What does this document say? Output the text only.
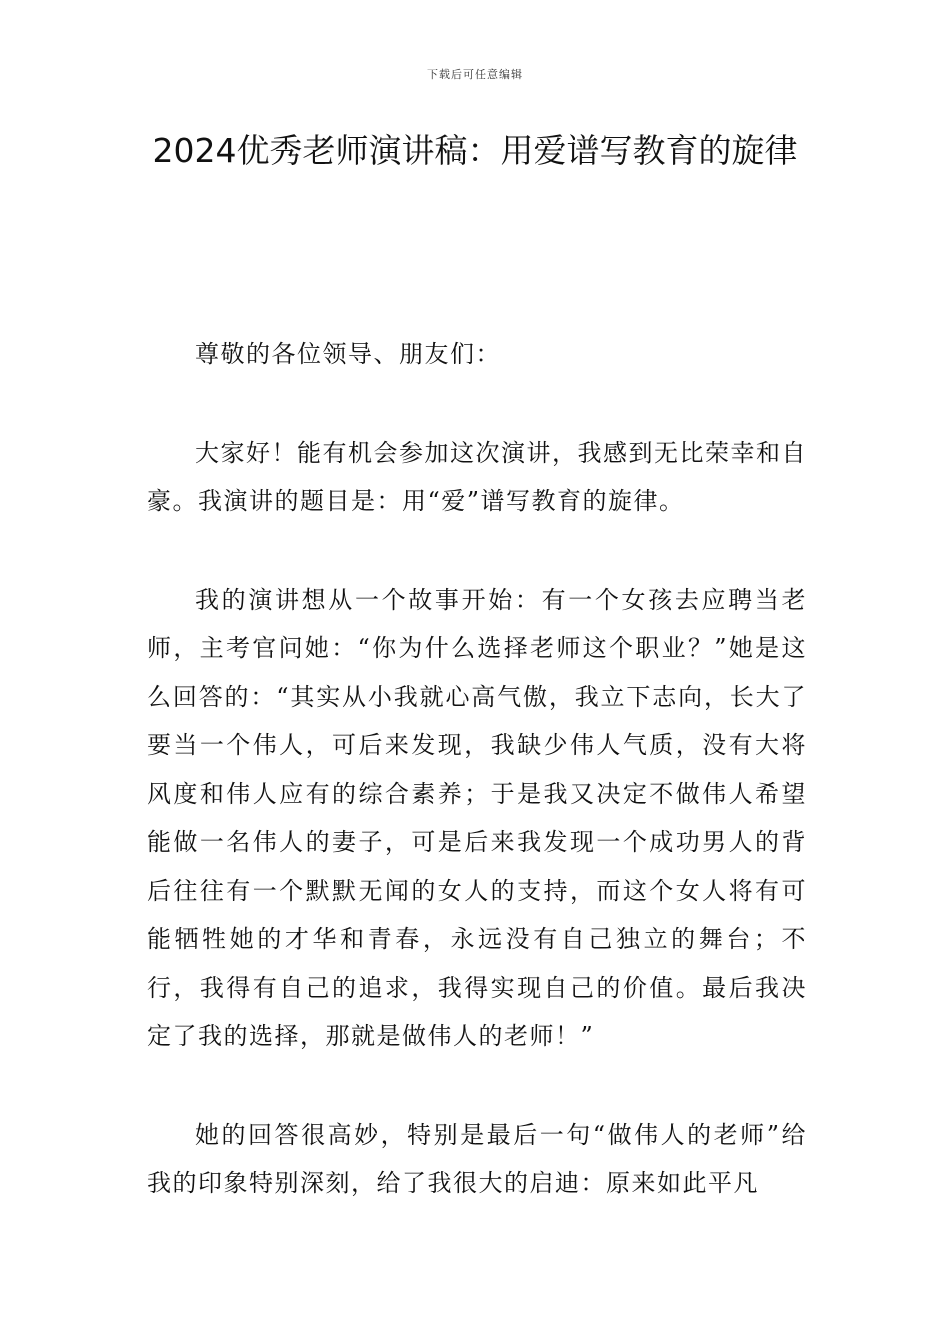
下载后可任意编辑
2024优秀老师演讲稿：用爱谱写教育的旋律

尊敬的各位领导、朋友们：

大家好！能有机会参加这次演讲，我感到无比荣幸和自豪。我演讲的题目是：用“爱”谱写教育的旋律。

我的演讲想从一个故事开始：有一个女孩去应聘当老师，主考官问她：“你为什么选择老师这个职业？”她是这么回答的：“其实从小我就心高气傲，我立下志向，长大了要当一个伟人，可后来发现，我缺少伟人气质，没有大将风度和伟人应有的综合素养；于是我又决定不做伟人希望能做一名伟人的妻子，可是后来我发现一个成功男人的背后往往有一个默默无闻的女人的支持，而这个女人将有可能牺牲她的才华和青春，永远没有自己独立的舞台；不行，我得有自己的追求，我得实现自己的价值。最后我决定了我的选择，那就是做伟人的老师！”

她的回答很高妙，特别是最后一句“做伟人的老师”给我的印象特别深刻，给了我很大的启迪：原来如此平凡
